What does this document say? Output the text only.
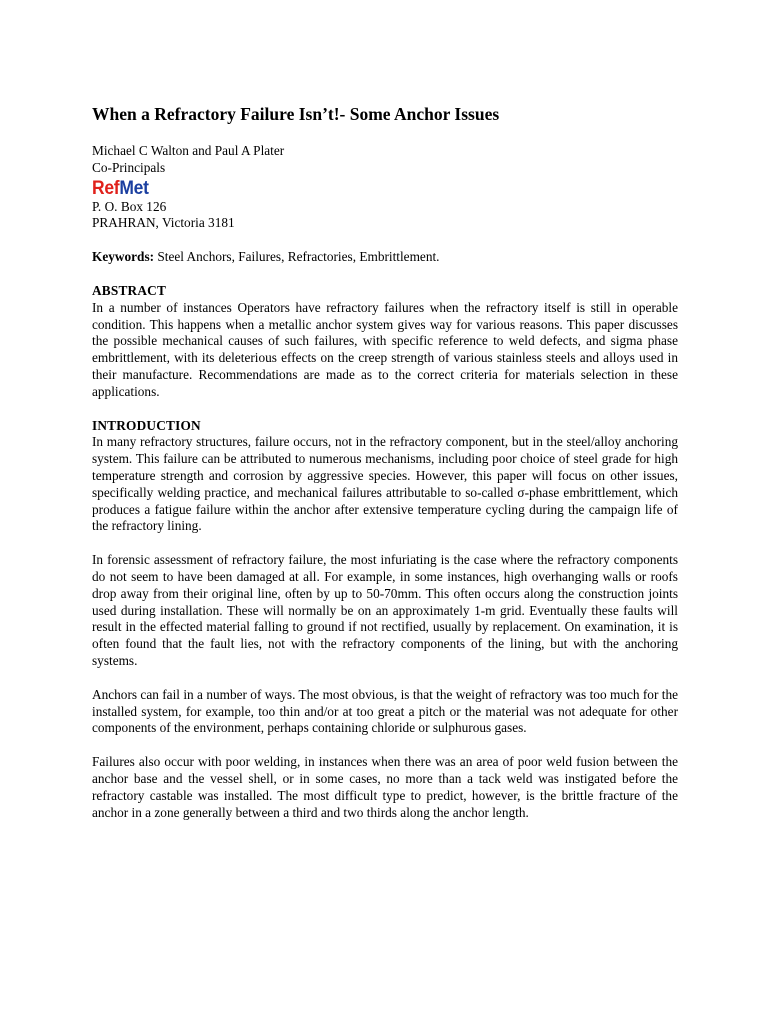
When a Refractory Failure Isn’t!- Some Anchor Issues
Michael C Walton and Paul A Plater
Co-Principals
RefMet
P. O. Box 126
PRAHRAN, Victoria 3181
Keywords: Steel Anchors, Failures, Refractories, Embrittlement.
ABSTRACT

In a number of instances Operators have refractory failures when the refractory itself is still in operable condition. This happens when a metallic anchor system gives way for various reasons. This paper discusses the possible mechanical causes of such failures, with specific reference to weld defects, and sigma phase embrittlement, with its deleterious effects on the creep strength of various stainless steels and alloys used in their manufacture. Recommendations are made as to the correct criteria for materials selection in these applications.

INTRODUCTION

In many refractory structures, failure occurs, not in the refractory component, but in the steel/alloy anchoring system. This failure can be attributed to numerous mechanisms, including poor choice of steel grade for high temperature strength and corrosion by aggressive species. However, this paper will focus on other issues, specifically welding practice, and mechanical failures attributable to so-called σ-phase embrittlement, which produces a fatigue failure within the anchor after extensive temperature cycling during the campaign life of the refractory lining.

In forensic assessment of refractory failure, the most infuriating is the case where the refractory components do not seem to have been damaged at all. For example, in some instances, high overhanging walls or roofs drop away from their original line, often by up to 50-70mm. This often occurs along the construction joints used during installation. These will normally be on an approximately 1-m grid. Eventually these faults will result in the effected material falling to ground if not rectified, usually by replacement. On examination, it is often found that the fault lies, not with the refractory components of the lining, but with the anchoring systems.

Anchors can fail in a number of ways. The most obvious, is that the weight of refractory was too much for the installed system, for example, too thin and/or at too great a pitch or the material was not adequate for other components of the environment, perhaps containing chloride or sulphurous gases.

Failures also occur with poor welding, in instances when there was an area of poor weld fusion between the anchor base and the vessel shell, or in some cases, no more than a tack weld was instigated before the refractory castable was installed. The most difficult type to predict, however, is the brittle fracture of the anchor in a zone generally between a third and two thirds along the anchor length.
